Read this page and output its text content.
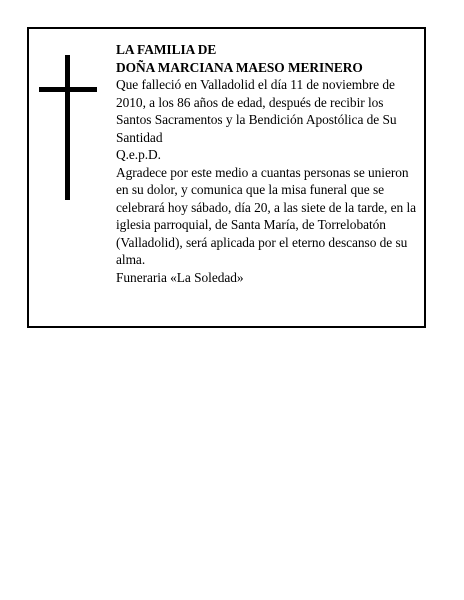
LA FAMILIA DE

DOÑA MARCIANA MAESO MERINERO

Que falleció en Valladolid el día 11 de noviembre de 2010, a los 86 años de edad, después de recibir los Santos Sacramentos y la Bendición Apostólica de Su Santidad

Q.e.p.D.

Agradece por este medio a cuantas personas se unieron en su dolor, y comunica que la misa funeral que se celebrará hoy sábado, día 20, a las siete de la tarde, en la iglesia parroquial, de Santa María, de Torrelobatón (Valladolid), será aplicada por el eterno descanso de su alma.

Funeraria «La Soledad»
